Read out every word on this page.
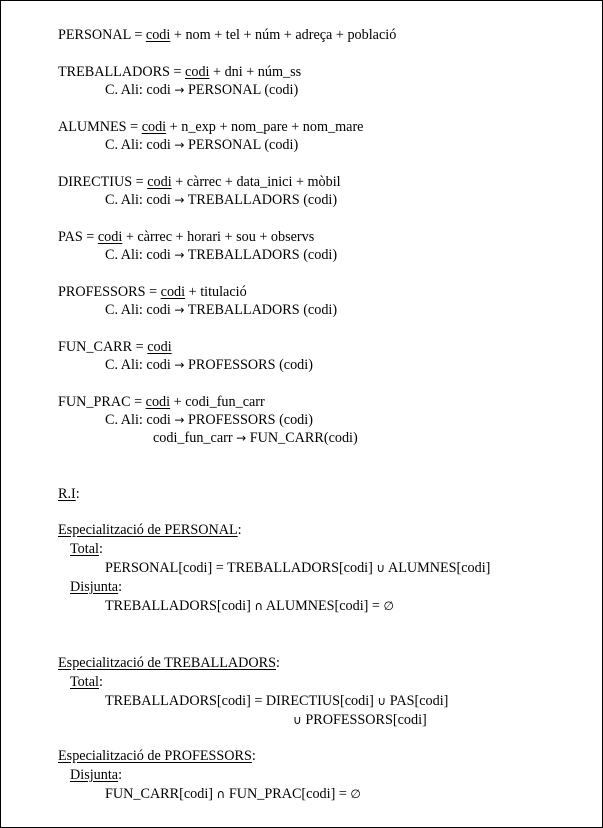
PERSONAL = codi + nom + tel + núm + adreça + població
TREBALLADORS = codi + dni + núm_ss
C. Ali: codi → PERSONAL (codi)
ALUMNES = codi + n_exp + nom_pare + nom_mare
C. Ali: codi → PERSONAL (codi)
DIRECTIUS = codi + càrrec + data_inici + mòbil
C. Ali: codi → TREBALLADORS (codi)
PAS = codi + càrrec + horari + sou + observs
C. Ali: codi → TREBALLADORS (codi)
PROFESSORS = codi + titulació
C. Ali: codi → TREBALLADORS (codi)
FUN_CARR = codi
C. Ali: codi → PROFESSORS (codi)
FUN_PRAC = codi + codi_fun_carr
C. Ali: codi → PROFESSORS (codi)
codi_fun_carr → FUN_CARR(codi)
R.I:
Especialització de PERSONAL:
Total:
PERSONAL[codi] = TREBALLADORS[codi] ∪ ALUMNES[codi]
Disjunta:
TREBALLADORS[codi] ∩ ALUMNES[codi] = ∅
Especialització de TREBALLADORS:
Total:
TREBALLADORS[codi] = DIRECTIUS[codi] ∪ PAS[codi]
∪ PROFESSORS[codi]
Especialització de PROFESSORS:
Disjunta:
FUN_CARR[codi] ∩ FUN_PRAC[codi] = ∅
